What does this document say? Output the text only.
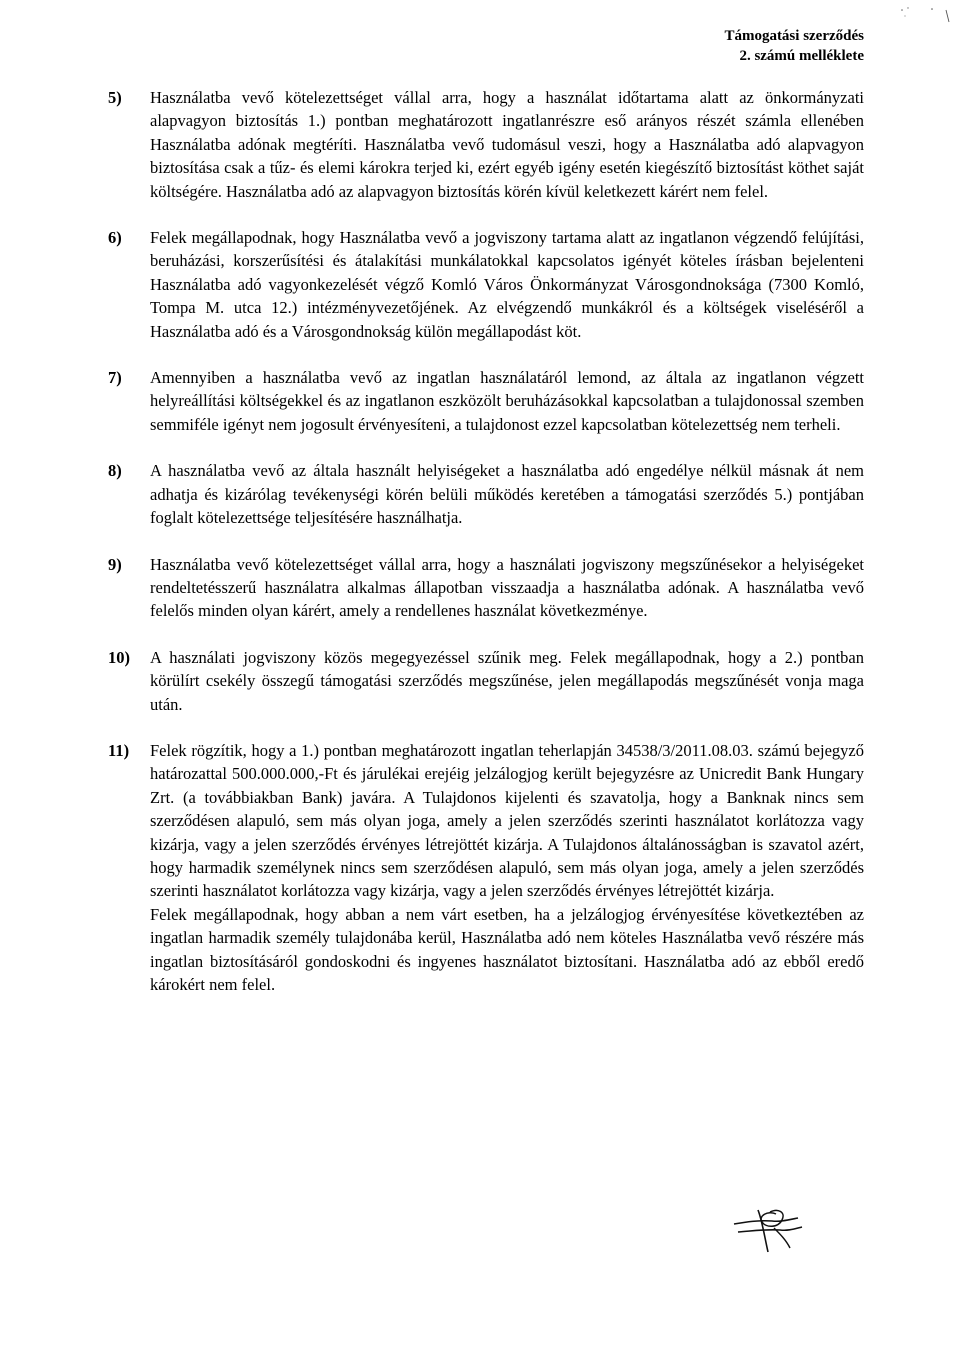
Támogatási szerződés
2. számú melléklete
5)	Használatba vevő kötelezettséget vállal arra, hogy a használat időtartama alatt az önkormányzati alapvagyon biztosítás 1.) pontban meghatározott ingatlanrészre eső arányos részét számla ellenében Használatba adónak megtéríti. Használatba vevő tudomásul veszi, hogy a Használatba adó alapvagyon biztosítása csak a tűz- és elemi károkra terjed ki, ezért egyéb igény esetén kiegészítő biztosítást köthet saját költségére. Használatba adó az alapvagyon biztosítás körén kívül keletkezett kárért nem felel.

6)	Felek megállapodnak, hogy Használatba vevő a jogviszony tartama alatt az ingatlanon végzendő felújítási, beruházási, korszerűsítési és átalakítási munkálatokkal kapcsolatos igényét köteles írásban bejelenteni Használatba adó vagyonkezelését végző Komló Város Önkormányzat Városgondnoksága (7300 Komló, Tompa M. utca 12.) intézményvezetőjének. Az elvégzendő munkákról és a költségek viseléséről a Használatba adó és a Városgondnokság külön megállapodást köt.

7)	Amennyiben a használatba vevő az ingatlan használatáról lemond, az általa az ingatlanon végzett helyreállítási költségekkel és az ingatlanon eszközölt beruházásokkal kapcsolatban a tulajdonossal szemben semmiféle igényt nem jogosult érvényesíteni, a tulajdonost ezzel kapcsolatban kötelezettség nem terheli.

8)	A használatba vevő az általa használt helyiségeket a használatba adó engedélye nélkül másnak át nem adhatja és kizárólag tevékenységi körén belüli működés keretében a támogatási szerződés 5.) pontjában foglalt kötelezettsége teljesítésére használhatja.

9)	Használatba vevő kötelezettséget vállal arra, hogy a használati jogviszony megszűnésekor a helyiségeket rendeltetésszerű használatra alkalmas állapotban visszaadja a használatba adónak. A használatba vevő felelős minden olyan kárért, amely a rendellenes használat következménye.

10)	A használati jogviszony közös megegyezéssel szűnik meg. Felek megállapodnak, hogy a 2.) pontban körülírt csekély összegű támogatási szerződés megszűnése, jelen megállapodás megszűnését vonja maga után.

11)	Felek rögzítik, hogy a 1.) pontban meghatározott ingatlan teherlapján 34538/3/2011.08.03. számú bejegyző határozattal 500.000.000,-Ft és járulékai erejéig jelzálogjog került bejegyzésre az Unicredit Bank Hungary Zrt. (a továbbiakban Bank) javára. A Tulajdonos kijelenti és szavatolja, hogy a Banknak nincs sem szerződésen alapuló, sem más olyan joga, amely a jelen szerződés szerinti használatot korlátozza vagy kizárja, vagy a jelen szerződés érvényes létrejöttét kizárja. A Tulajdonos általánosságban is szavatol azért, hogy harmadik személynek nincs sem szerződésen alapuló, sem más olyan joga, amely a jelen szerződés szerinti használatot korlátozza vagy kizárja, vagy a jelen szerződés érvényes létrejöttét kizárja.

Felek megállapodnak, hogy abban a nem várt esetben, ha a jelzálogjog érvényesítése következtében az ingatlan harmadik személy tulajdonába kerül, Használatba adó nem köteles Használatba vevő részére más ingatlan biztosításáról gondoskodni és ingyenes használatot biztosítani. Használatba adó az ebből eredő károkért nem felel.
